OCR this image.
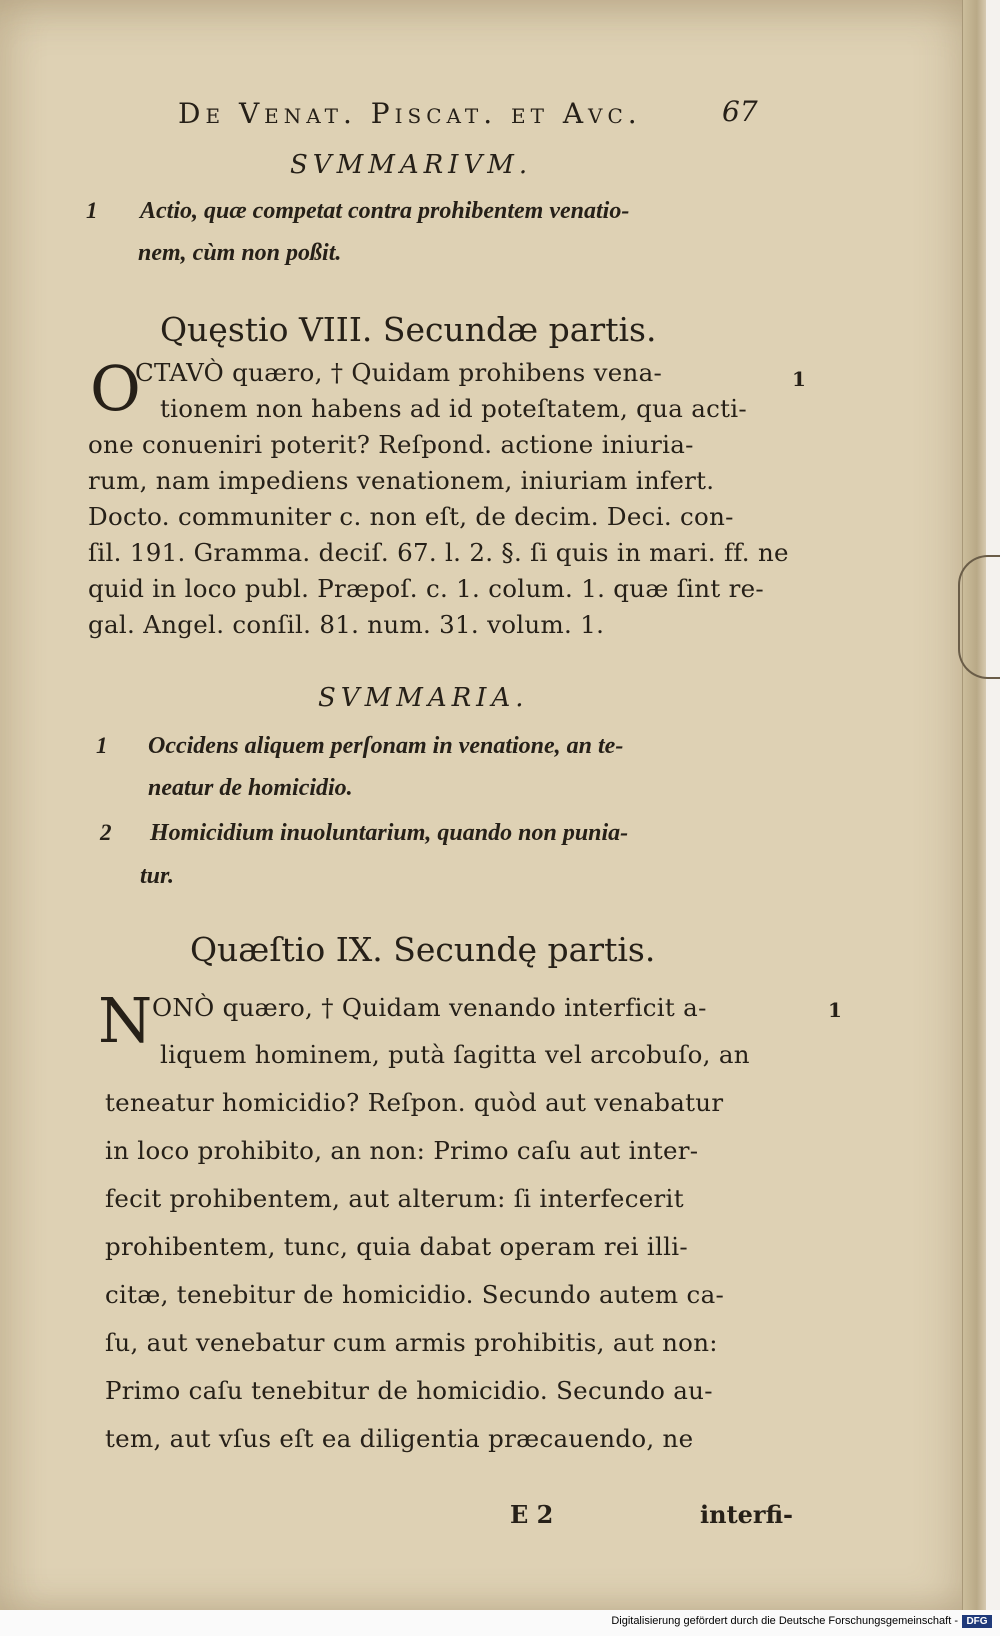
De Venat. Piscat. et Avc.	67
SVMMARIVM.
1 Actio, quæ competat contra prohibentem venatio-
nem, cùm non poßit.
Quęstio VIII. Secundæ partis.
O	1
CTAVÒ quæro, † Quidam prohibens vena-
tionem non habens ad id poteſtatem, qua acti-
one conueniri poterit? Reſpond. actione iniuria-
rum, nam impediens venationem, iniuriam infert.
Docto. communiter c. non eſt, de decim. Deci. con-
ſil. 191. Gramma. deciſ. 67. l. 2. §. ſi quis in mari. ff. ne
quid in loco publ. Præpoſ. c. 1. colum. 1. quæ ſint re-
gal. Angel. conſil. 81. num. 31. volum. 1.
SVMMARIA.
1 Occidens aliquem perſonam in venatione, an te-
neatur de homicidio.
2 Homicidium inuoluntarium, quando non punia-
tur.
Quæſtio IX. Secundę partis.
N	1
ONÒ quæro, † Quidam venando interficit a-
liquem hominem, putà ſagitta vel arcobuſo, an
teneatur homicidio? Reſpon. quòd aut venabatur
in loco prohibito, an non: Primo caſu aut inter-
fecit prohibentem, aut alterum: ſi interfecerit
prohibentem, tunc, quia dabat operam rei illi-
citæ, tenebitur de homicidio. Secundo autem ca-
ſu, aut venebatur cum armis prohibitis, aut non:
Primo caſu tenebitur de homicidio. Secundo au-
tem, aut vſus eſt ea diligentia præcauendo, ne
E 2	interfi-
Digitalisierung gefördert durch die Deutsche Forschungsgemeinschaft - DFG
